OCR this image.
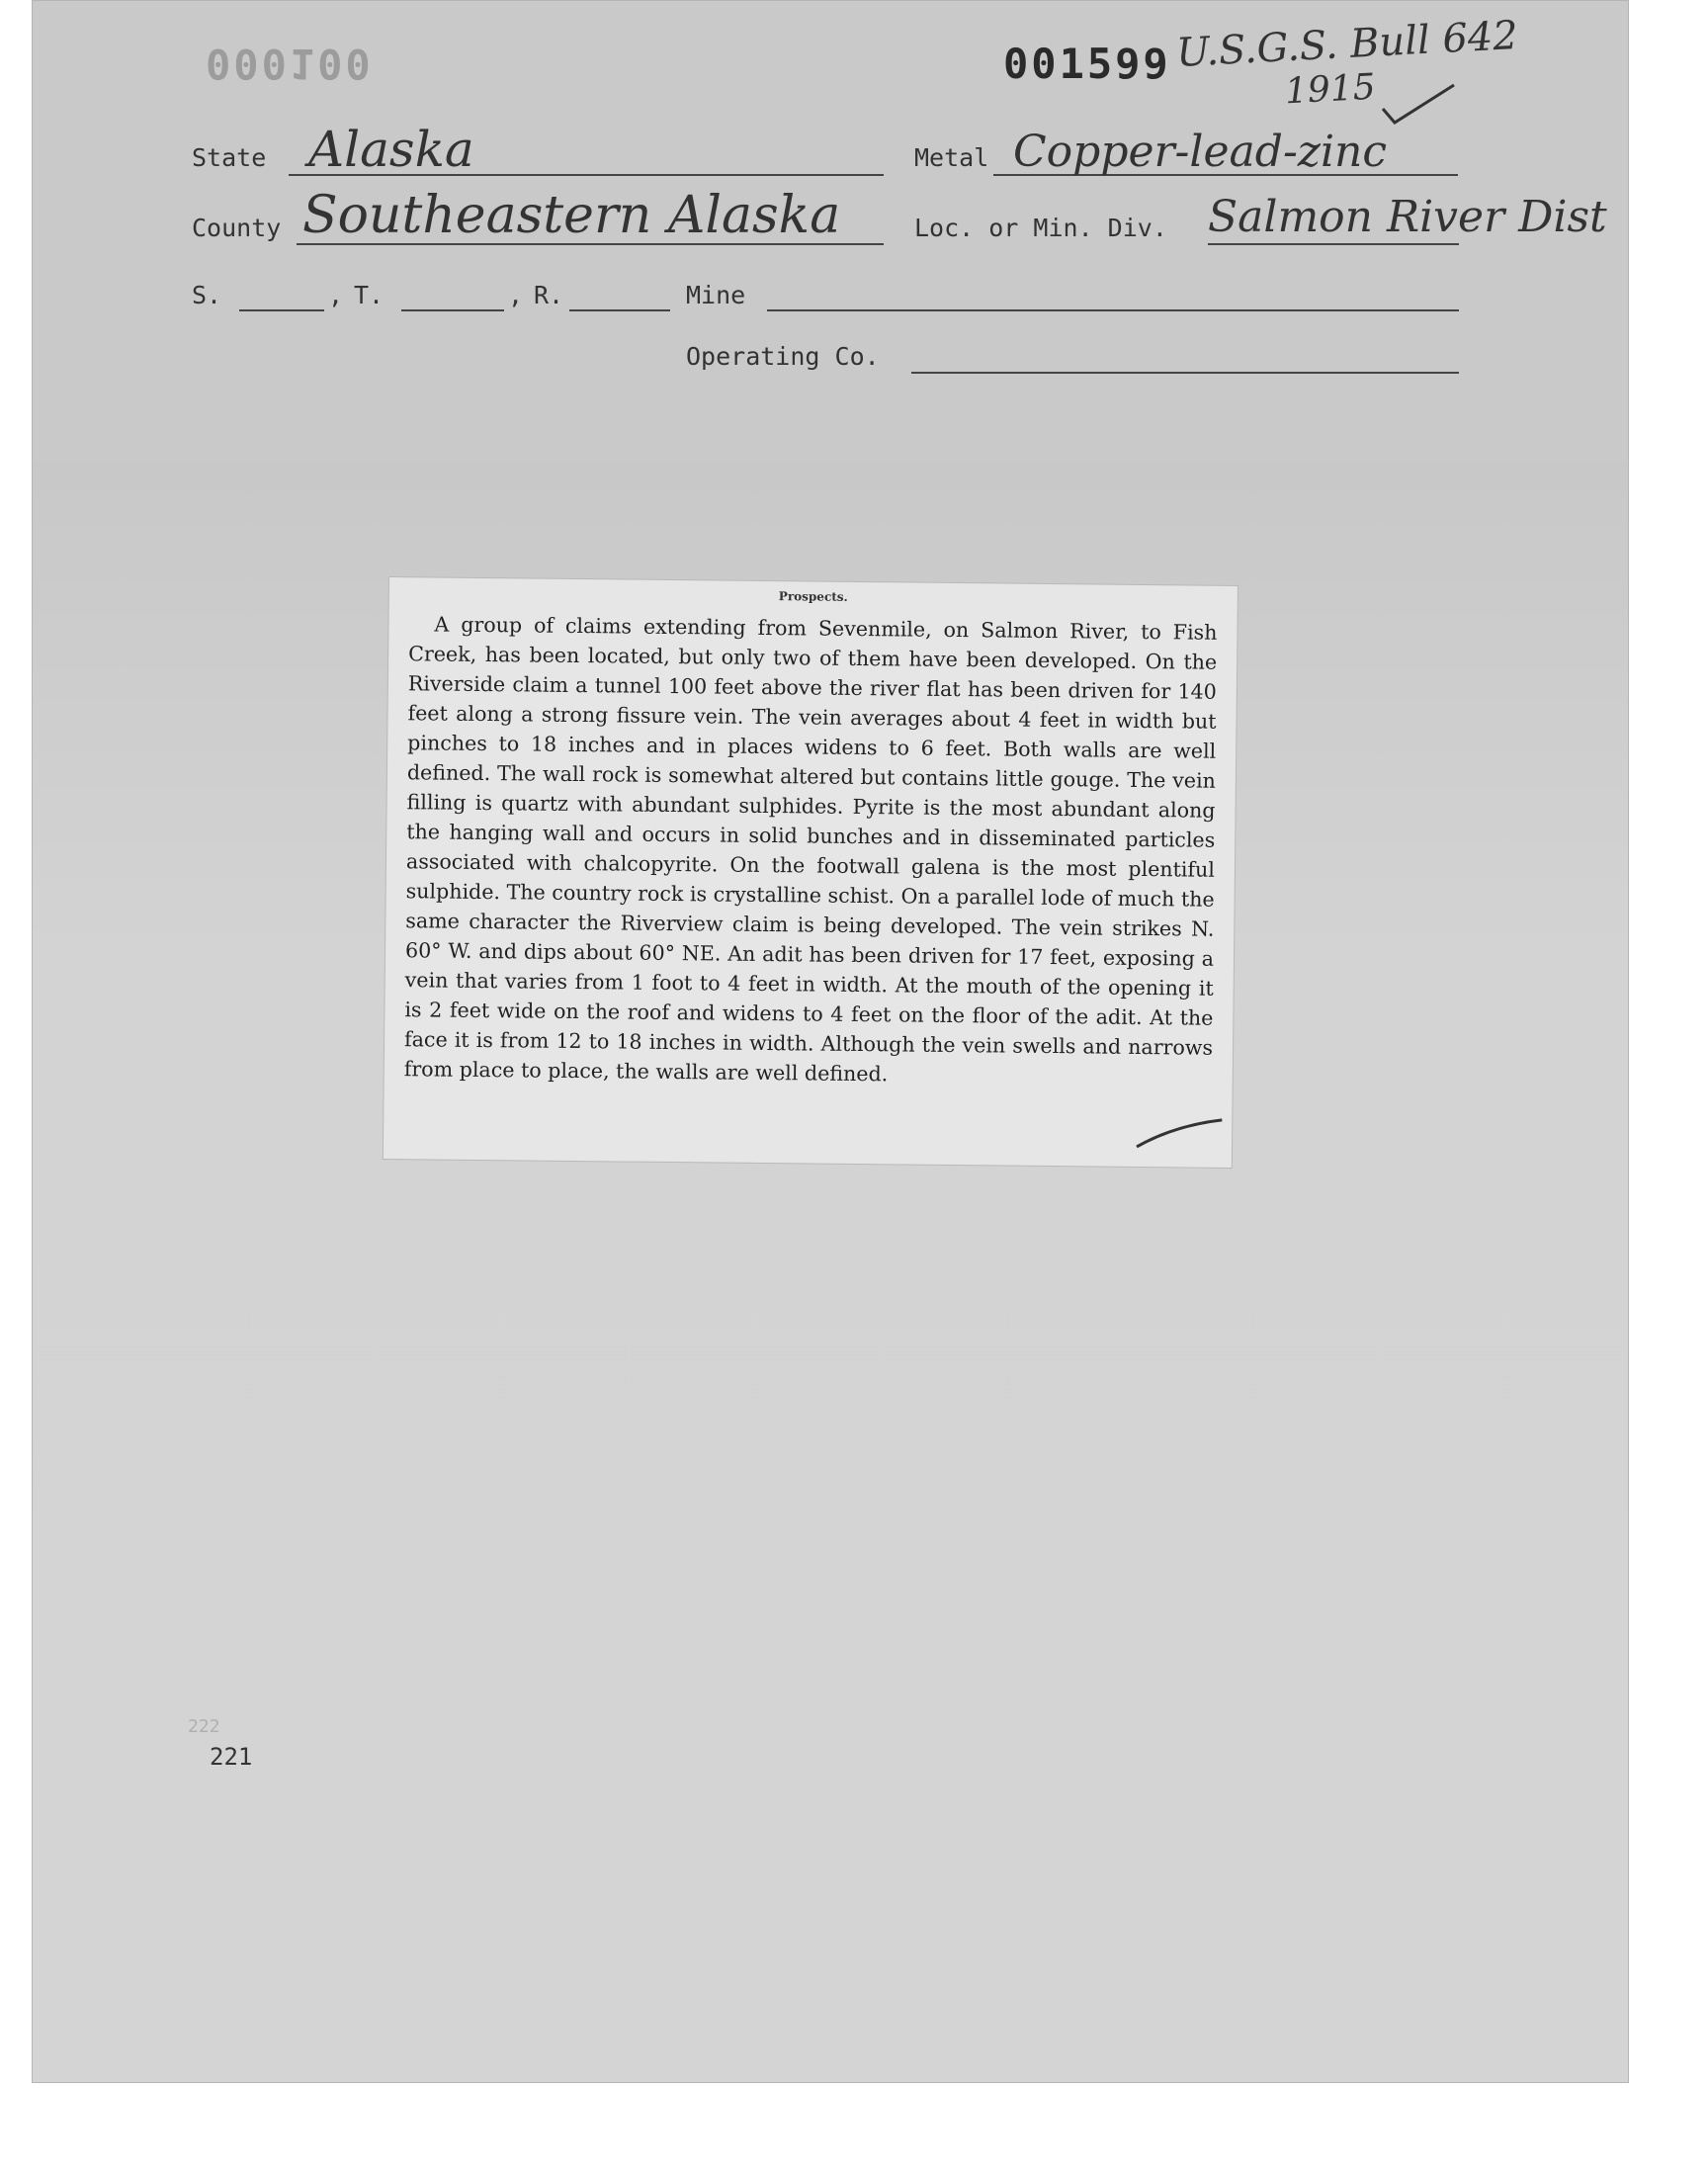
000100	001599 U.S.G.S. Bull 642
1915
State Alaska	Metal Copper-lead-zinc
County Southeastern Alaska	Loc. or Min. Div. Salmon River Dist
S.	, T.	, R.	Mine
Operating Co.
Prospects.
A group of claims extending from Sevenmile, on Salmon River, to Fish Creek, has been located, but only two of them have been developed. On the Riverside claim a tunnel 100 feet above the river flat has been driven for 140 feet along a strong fissure vein. The vein averages about 4 feet in width but pinches to 18 inches and in places widens to 6 feet. Both walls are well defined. The wall rock is somewhat altered but contains little gouge. The vein filling is quartz with abundant sulphides. Pyrite is the most abundant along the hanging wall and occurs in solid bunches and in disseminated particles associated with chalcopyrite. On the footwall galena is the most plentiful sulphide. The country rock is crystalline schist. On a parallel lode of much the same character the Riverview claim is being developed. The vein strikes N. 60° W. and dips about 60° NE. An adit has been driven for 17 feet, exposing a vein that varies from 1 foot to 4 feet in width. At the mouth of the opening it is 2 feet wide on the roof and widens to 4 feet on the floor of the adit. At the face it is from 12 to 18 inches in width. Although the vein swells and narrows from place to place, the walls are well defined.
222
221
